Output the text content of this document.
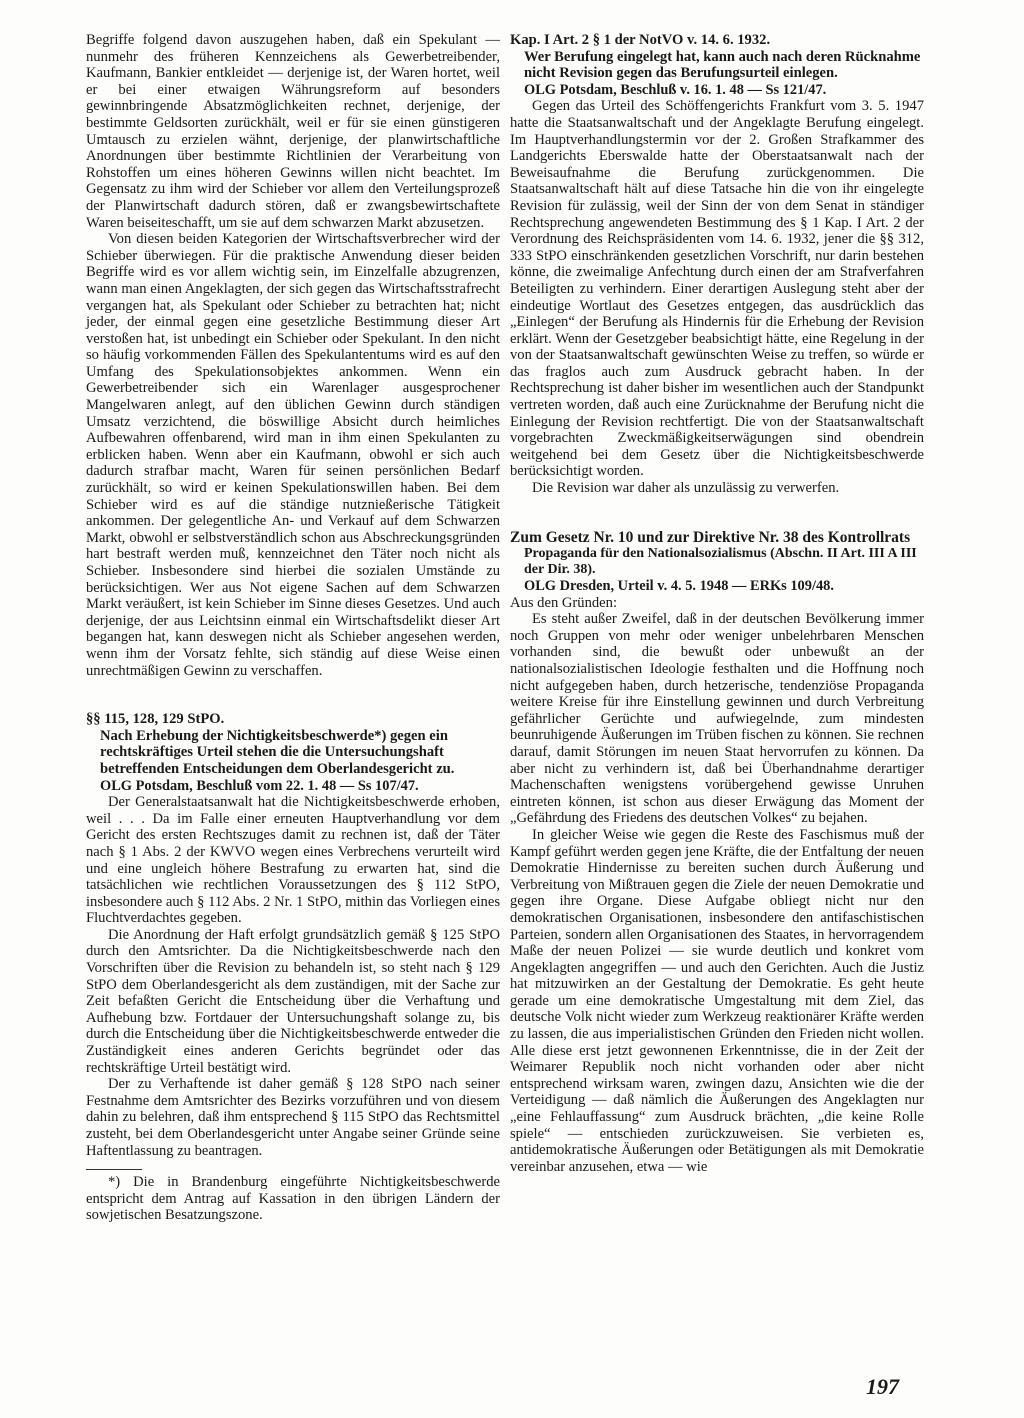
Begriffe folgend davon auszugehen haben, daß ein Spekulant — nunmehr des früheren Kennzeichens als Gewerbetreibender, Kaufmann, Bankier entkleidet — derjenige ist, der Waren hortet, weil er bei einer etwaigen Währungsreform auf besonders gewinnbringende Absatzmöglichkeiten rechnet, derjenige, der bestimmte Geldsorten zurückhält, weil er für sie einen günstigeren Umtausch zu erzielen wähnt, derjenige, der planwirtschaftliche Anordnungen über bestimmte Richtlinien der Verarbeitung von Rohstoffen um eines höheren Gewinns willen nicht beachtet. Im Gegensatz zu ihm wird der Schieber vor allem den Verteilungsprozeß der Planwirtschaft dadurch stören, daß er zwangsbewirtschaftete Waren beiseiteschafft, um sie auf dem schwarzen Markt abzusetzen.

Von diesen beiden Kategorien der Wirtschaftsverbrecher wird der Schieber überwiegen. Für die praktische Anwendung dieser beiden Begriffe wird es vor allem wichtig sein, im Einzelfalle abzugrenzen, wann man einen Angeklagten, der sich gegen das Wirtschaftsstrafrecht vergangen hat, als Spekulant oder Schieber zu betrachten hat; nicht jeder, der einmal gegen eine gesetzliche Bestimmung dieser Art verstoßen hat, ist unbedingt ein Schieber oder Spekulant. In den nicht so häufig vorkommenden Fällen des Spekulantentums wird es auf den Umfang des Spekulationsobjektes ankommen. Wenn ein Gewerbetreibender sich ein Warenlager ausgesprochener Mangelwaren anlegt, auf den üblichen Gewinn durch ständigen Umsatz verzichtend, die böswillige Absicht durch heimliches Aufbewahren offenbarend, wird man in ihm einen Spekulanten zu erblicken haben. Wenn aber ein Kaufmann, obwohl er sich auch dadurch strafbar macht, Waren für seinen persönlichen Bedarf zurückhält, so wird er keinen Spekulationswillen haben. Bei dem Schieber wird es auf die ständige nutznießerische Tätigkeit ankommen. Der gelegentliche An- und Verkauf auf dem Schwarzen Markt, obwohl er selbstverständlich schon aus Abschreckungsgründen hart bestraft werden muß, kennzeichnet den Täter noch nicht als Schieber. Insbesondere sind hierbei die sozialen Umstände zu berücksichtigen. Wer aus Not eigene Sachen auf dem Schwarzen Markt veräußert, ist kein Schieber im Sinne dieses Gesetzes. Und auch derjenige, der aus Leichtsinn einmal ein Wirtschaftsdelikt dieser Art begangen hat, kann deswegen nicht als Schieber angesehen werden, wenn ihm der Vorsatz fehlte, sich ständig auf diese Weise einen unrechtmäßigen Gewinn zu verschaffen.

§§ 115, 128, 129 StPO.
Nach Erhebung der Nichtigkeitsbeschwerde*) gegen ein rechtskräftiges Urteil stehen die die Untersuchungshaft betreffenden Entscheidungen dem Oberlandesgericht zu.
OLG Potsdam, Beschluß vom 22. 1. 48 — Ss 107/47.

Der Generalstaatsanwalt hat die Nichtigkeitsbeschwerde erhoben, weil . . . Da im Falle einer erneuten Hauptverhandlung vor dem Gericht des ersten Rechtszuges damit zu rechnen ist, daß der Täter nach § 1 Abs. 2 der KWVO wegen eines Verbrechens verurteilt wird und eine ungleich höhere Bestrafung zu erwarten hat, sind die tatsächlichen wie rechtlichen Voraussetzungen des § 112 StPO, insbesondere auch § 112 Abs. 2 Nr. 1 StPO, mithin das Vorliegen eines Fluchtverdachtes gegeben.

Die Anordnung der Haft erfolgt grundsätzlich gemäß § 125 StPO durch den Amtsrichter. Da die Nichtigkeitsbeschwerde nach den Vorschriften über die Revision zu behandeln ist, so steht nach § 129 StPO dem Oberlandesgericht als dem zuständigen, mit der Sache zur Zeit befaßten Gericht die Entscheidung über die Verhaftung und Aufhebung bzw. Fortdauer der Untersuchungshaft solange zu, bis durch die Entscheidung über die Nichtigkeitsbeschwerde entweder die Zuständigkeit eines anderen Gerichts begründet oder das rechtskräftige Urteil bestätigt wird.

Der zu Verhaftende ist daher gemäß § 128 StPO nach seiner Festnahme dem Amtsrichter des Bezirks vorzuführen und von diesem dahin zu belehren, daß ihm entsprechend § 115 StPO das Rechtsmittel zusteht, bei dem Oberlandesgericht unter Angabe seiner Gründe seine Haftentlassung zu beantragen.

*) Die in Brandenburg eingeführte Nichtigkeitsbeschwerde entspricht dem Antrag auf Kassation in den übrigen Ländern der sowjetischen Besatzungszone.

Kap. I Art. 2 § 1 der NotVO v. 14. 6. 1932.
Wer Berufung eingelegt hat, kann auch nach deren Rücknahme nicht Revision gegen das Berufungsurteil einlegen.
OLG Potsdam, Beschluß v. 16. 1. 48 — Ss 121/47.

Gegen das Urteil des Schöffengerichts Frankfurt vom 3. 5. 1947 hatte die Staatsanwaltschaft und der Angeklagte Berufung eingelegt. Im Hauptverhandlungstermin vor der 2. Großen Strafkammer des Landgerichts Eberswalde hatte der Oberstaatsanwalt nach der Beweisaufnahme die Berufung zurückgenommen. Die Staatsanwaltschaft hält auf diese Tatsache hin die von ihr eingelegte Revision für zulässig, weil der Sinn der von dem Senat in ständiger Rechtsprechung angewendeten Bestimmung des § 1 Kap. I Art. 2 der Verordnung des Reichspräsidenten vom 14. 6. 1932, jener die §§ 312, 333 StPO einschränkenden gesetzlichen Vorschrift, nur darin bestehen könne, die zweimalige Anfechtung durch einen der am Strafverfahren Beteiligten zu verhindern. Einer derartigen Auslegung steht aber der eindeutige Wortlaut des Gesetzes entgegen, das ausdrücklich das „Einlegen“ der Berufung als Hindernis für die Erhebung der Revision erklärt. Wenn der Gesetzgeber beabsichtigt hätte, eine Regelung in der von der Staatsanwaltschaft gewünschten Weise zu treffen, so würde er das fraglos auch zum Ausdruck gebracht haben. In der Rechtsprechung ist daher bisher im wesentlichen auch der Standpunkt vertreten worden, daß auch eine Zurücknahme der Berufung nicht die Einlegung der Revision rechtfertigt. Die von der Staatsanwaltschaft vorgebrachten Zweckmäßigkeitserwägungen sind obendrein weitgehend bei dem Gesetz über die Nichtigkeitsbeschwerde berücksichtigt worden.

Die Revision war daher als unzulässig zu verwerfen.

Zum Gesetz Nr. 10 und zur Direktive Nr. 38 des Kontrollrats
Propaganda für den Nationalsozialismus (Abschn. II Art. III A III der Dir. 38).
OLG Dresden, Urteil v. 4. 5. 1948 — ERKs 109/48.

Aus den Gründen:

Es steht außer Zweifel, daß in der deutschen Bevölkerung immer noch Gruppen von mehr oder weniger unbelehrbaren Menschen vorhanden sind, die bewußt oder unbewußt an der nationalsozialistischen Ideologie festhalten und die Hoffnung noch nicht aufgegeben haben, durch hetzerische, tendenziöse Propaganda weitere Kreise für ihre Einstellung gewinnen und durch Verbreitung gefährlicher Gerüchte und aufwiegelnde, zum mindesten beunruhigende Äußerungen im Trüben fischen zu können. Sie rechnen darauf, damit Störungen im neuen Staat hervorrufen zu können. Da aber nicht zu verhindern ist, daß bei Überhandnahme derartiger Machenschaften wenigstens vorübergehend gewisse Unruhen eintreten können, ist schon aus dieser Erwägung das Moment der „Gefährdung des Friedens des deutschen Volkes“ zu bejahen.

In gleicher Weise wie gegen die Reste des Faschismus muß der Kampf geführt werden gegen jene Kräfte, die der Entfaltung der neuen Demokratie Hindernisse zu bereiten suchen durch Äußerung und Verbreitung von Mißtrauen gegen die Ziele der neuen Demokratie und gegen ihre Organe. Diese Aufgabe obliegt nicht nur den demokratischen Organisationen, insbesondere den antifaschistischen Parteien, sondern allen Organisationen des Staates, in hervorragendem Maße der neuen Polizei — sie wurde deutlich und konkret vom Angeklagten angegriffen — und auch den Gerichten. Auch die Justiz hat mitzuwirken an der Gestaltung der Demokratie. Es geht heute gerade um eine demokratische Umgestaltung mit dem Ziel, das deutsche Volk nicht wieder zum Werkzeug reaktionärer Kräfte werden zu lassen, die aus imperialistischen Gründen den Frieden nicht wollen. Alle diese erst jetzt gewonnenen Erkenntnisse, die in der Zeit der Weimarer Republik noch nicht vorhanden oder aber nicht entsprechend wirksam waren, zwingen dazu, Ansichten wie die der Verteidigung — daß nämlich die Äußerungen des Angeklagten nur „eine Fehlauffassung“ zum Ausdruck brächten, „die keine Rolle spiele“ — entschieden zurückzuweisen. Sie verbieten es, antidemokratische Äußerungen oder Betätigungen als mit Demokratie vereinbar anzusehen, etwa — wie

197
